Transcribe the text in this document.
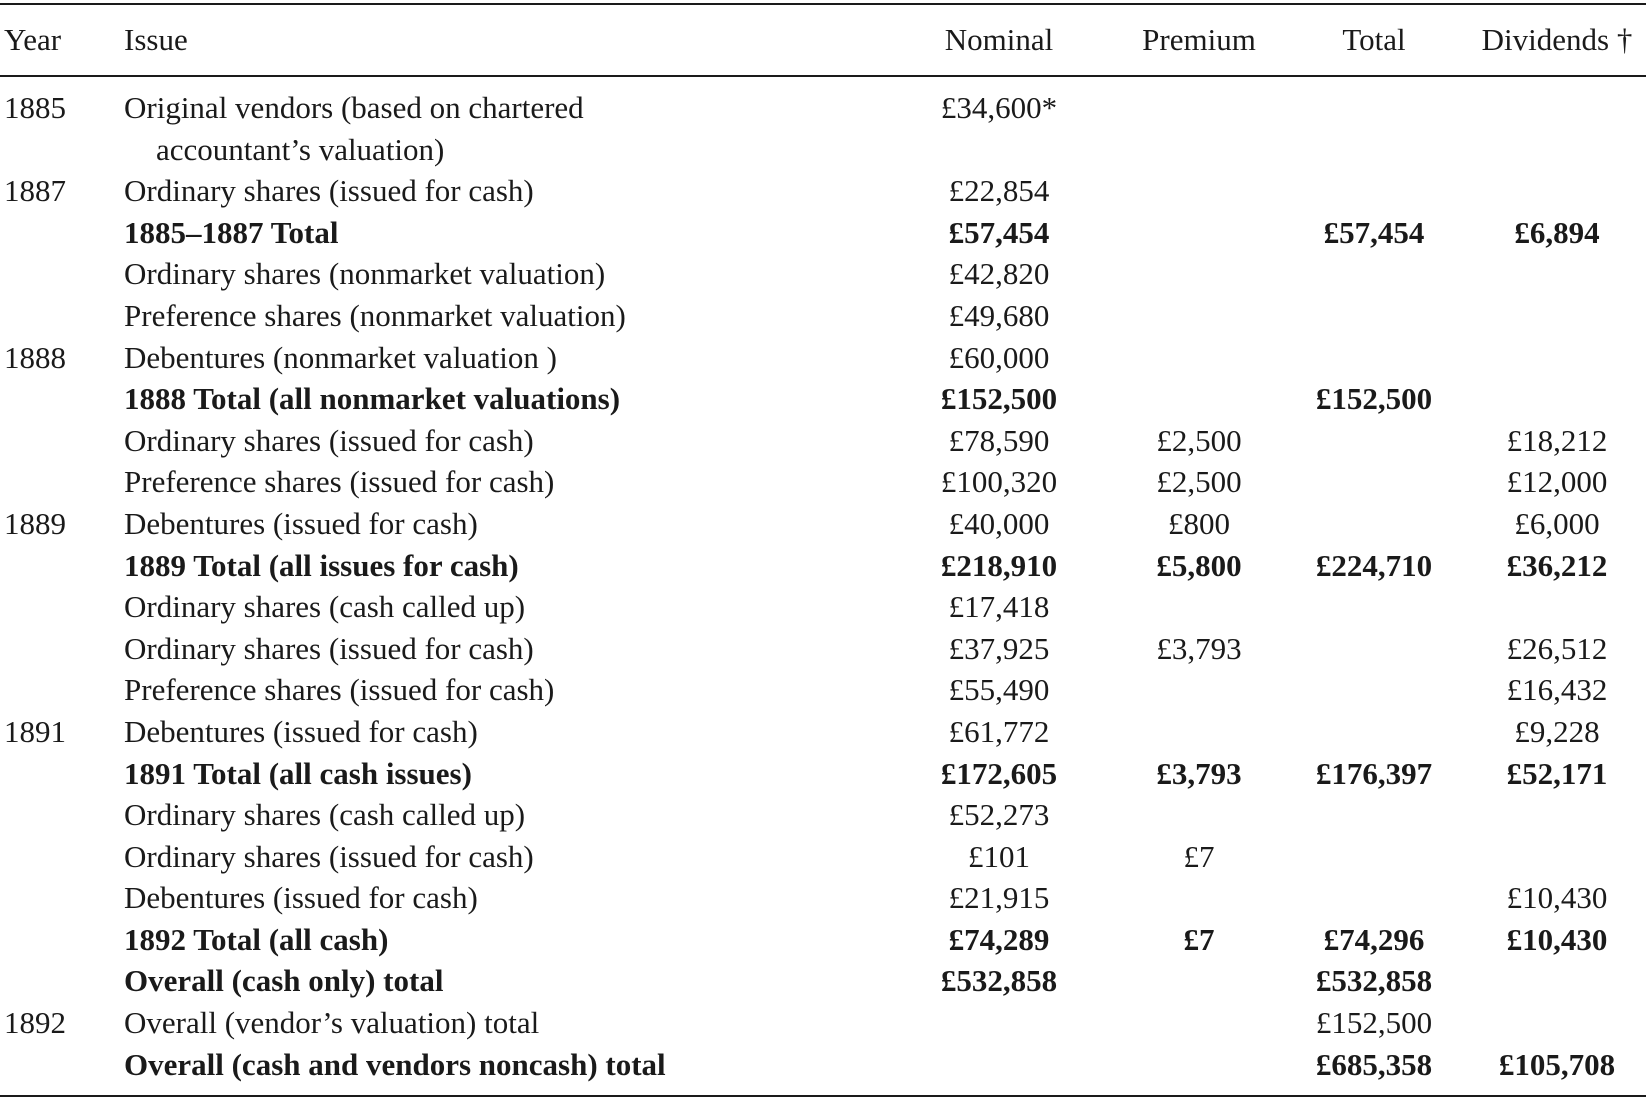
Year	Issue	Nominal	Premium	Total	Dividends †
1885	Original vendors (based on chartered
accountant’s valuation)	£34,600*			
1887	Ordinary shares (issued for cash)	£22,854			
	1885–1887 Total	£57,454		£57,454	£6,894
	Ordinary shares (nonmarket valuation)	£42,820			
	Preference shares (nonmarket valuation)	£49,680			
1888	Debentures (nonmarket valuation )	£60,000			
	1888 Total (all nonmarket valuations)	£152,500		£152,500	
	Ordinary shares (issued for cash)	£78,590	£2,500		£18,212
	Preference shares (issued for cash)	£100,320	£2,500		£12,000
1889	Debentures (issued for cash)	£40,000	£800		£6,000
	1889 Total (all issues for cash)	£218,910	£5,800	£224,710	£36,212
	Ordinary shares (cash called up)	£17,418			
	Ordinary shares (issued for cash)	£37,925	£3,793		£26,512
	Preference shares (issued for cash)	£55,490			£16,432
1891	Debentures (issued for cash)	£61,772			£9,228
	1891 Total (all cash issues)	£172,605	£3,793	£176,397	£52,171
	Ordinary shares (cash called up)	£52,273			
	Ordinary shares (issued for cash)	£101	£7		
	Debentures (issued for cash)	£21,915			£10,430
	1892 Total (all cash)	£74,289	£7	£74,296	£10,430
	Overall (cash only) total	£532,858		£532,858	
1892	Overall (vendor’s valuation) total			£152,500	
	Overall (cash and vendors noncash) total			£685,358	£105,708
